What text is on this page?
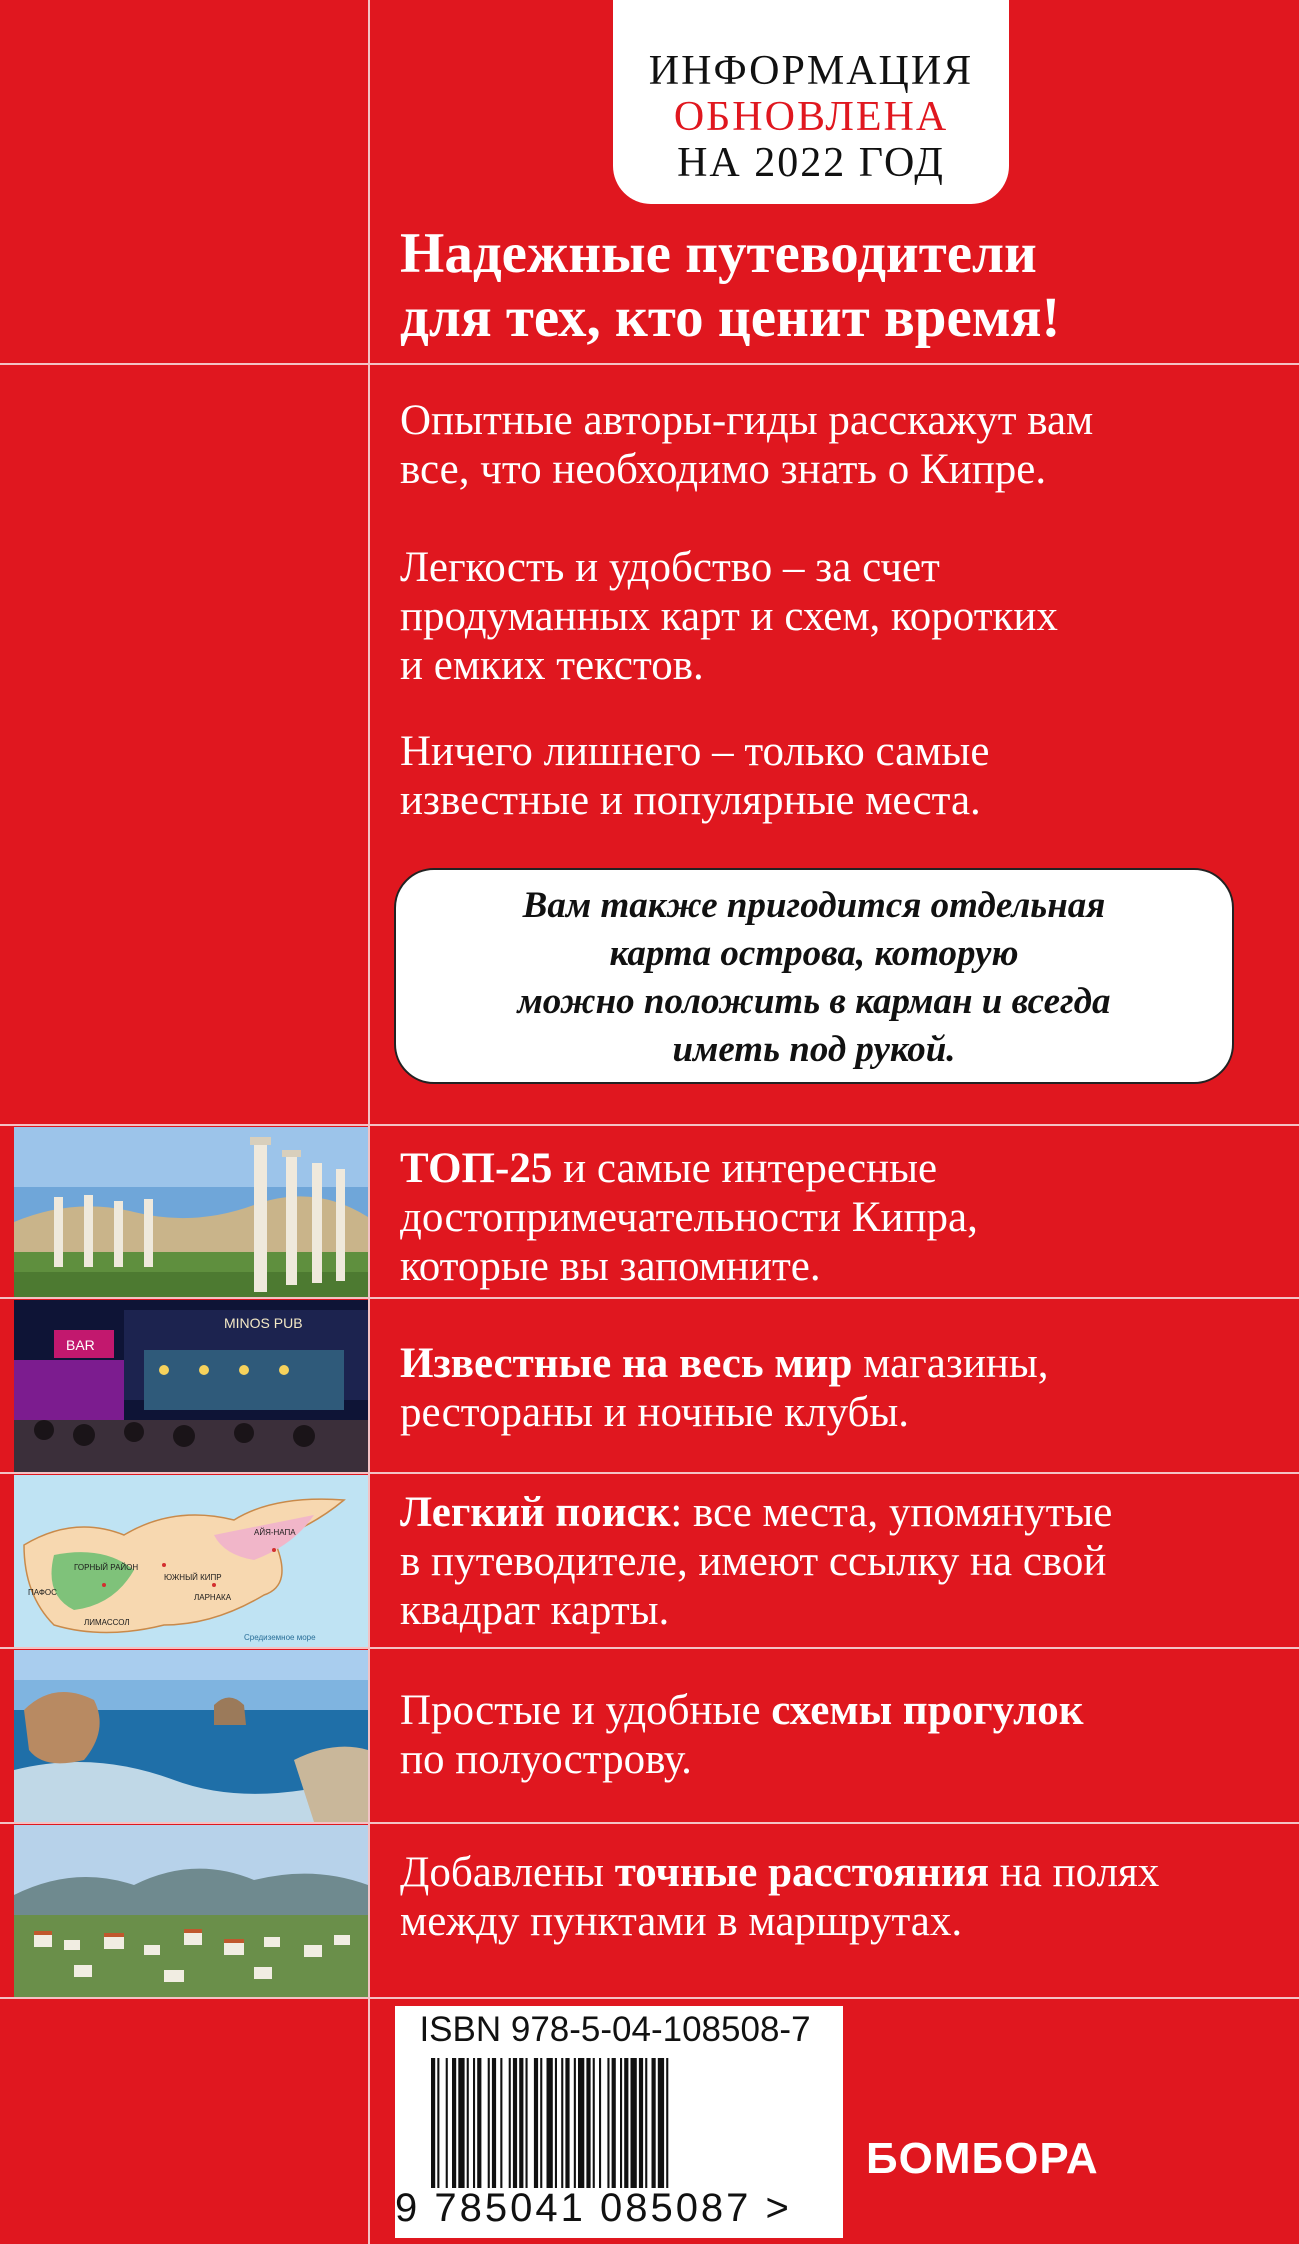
ИНФОРМАЦИЯ
ОБНОВЛЕНА
НА 2022 ГОД
Надежные путеводители
для тех, кто ценит время!
Опытные авторы-гиды расскажут вам
все, что необходимо знать о Кипре.
Легкость и удобство – за счет
продуманных карт и схем, коротких
и емких текстов.
Ничего лишнего – только самые
известные и популярные места.
Вам также пригодится отдельная
карта острова, которую
можно положить в карман и всегда
иметь под рукой.
MINOS PUB
BAR
ЮЖНЫЙ КИПР
ЛИМАССОЛ
ГОРНЫЙ РАЙОН
АЙЯ-НАПА
ПАФОС
ЛАРНАКА
Средиземное море
ТОП-25 и самые интересные
достопримечательности Кипра,
которые вы запомните.
Известные на весь мир магазины,
рестораны и ночные клубы.
Легкий поиск: все места, упомянутые
в путеводителе, имеют ссылку на свой
квадрат карты.
Простые и удобные схемы прогулок
по полуострову.
Добавлены точные расстояния на полях
между пунктами в маршрутах.
ISBN 978-5-04-108508-7
9 785041 085087 >
БОМБОРА
